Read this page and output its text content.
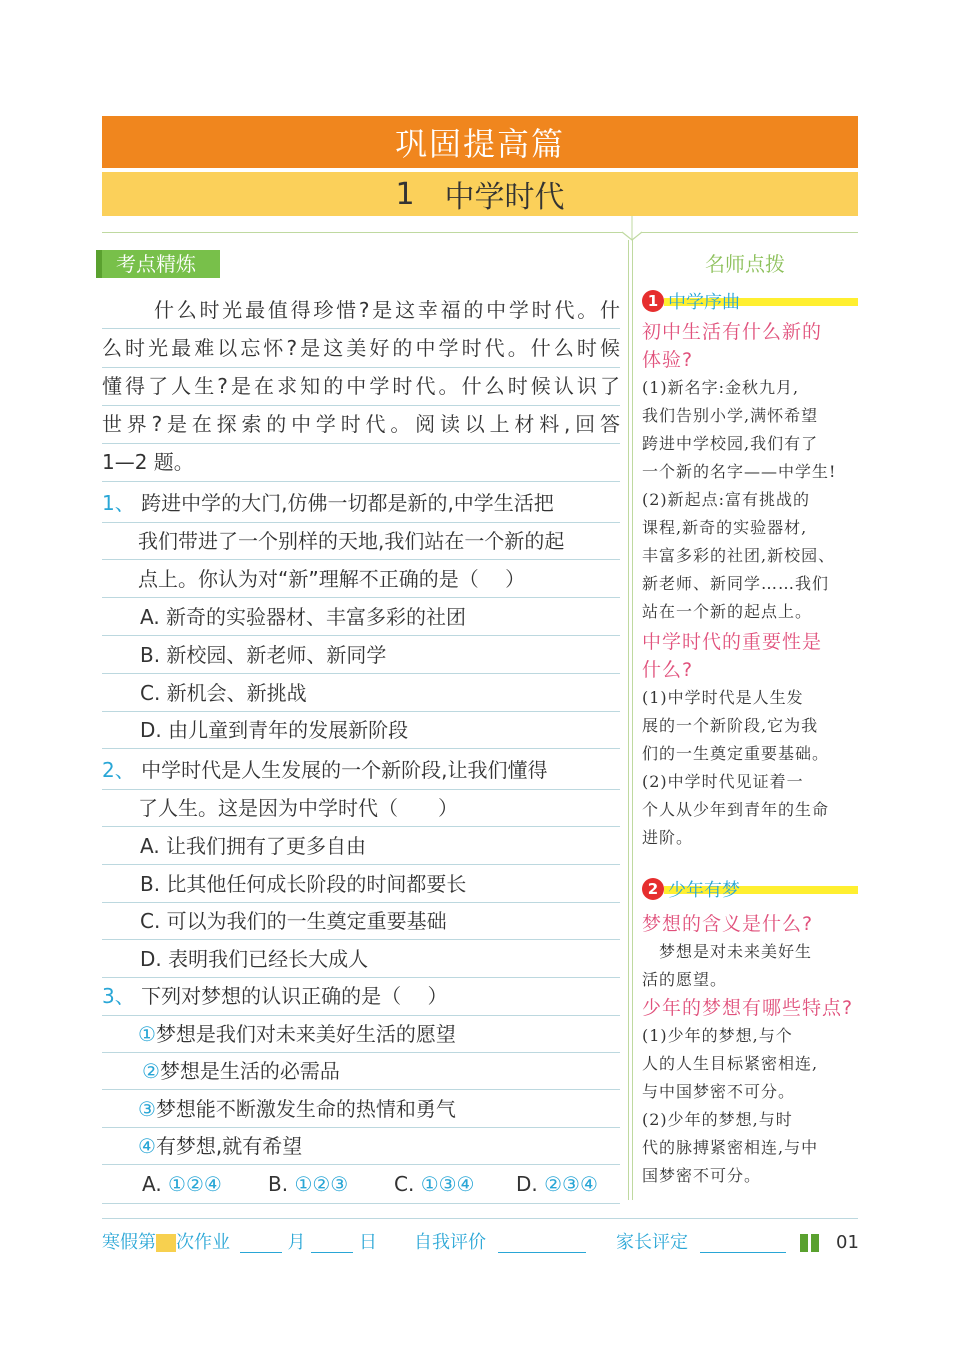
巩固提高篇
1 中学时代
考点精炼
什么时光最值得珍惜?是这幸福的中学时代。什
么时光最难以忘怀?是这美好的中学时代。什么时候
懂得了人生?是在求知的中学时代。什么时候认识了
世界?是在探索的中学时代。阅读以上材料,回答
1—2 题。
1、 跨进中学的大门,仿佛一切都是新的,中学生活把
我们带进了一个别样的天地,我们站在一个新的起
点上。你认为对“新”理解不正确的是（　 ）
A. 新奇的实验器材、丰富多彩的社团
B. 新校园、新老师、新同学
C. 新机会、新挑战
D. 由儿童到青年的发展新阶段
2、 中学时代是人生发展的一个新阶段,让我们懂得
了人生。这是因为中学时代（　　）
A. 让我们拥有了更多自由
B. 比其他任何成长阶段的时间都要长
C. 可以为我们的一生奠定重要基础
D. 表明我们已经长大成人
3、 下列对梦想的认识正确的是（　 ）
①梦想是我们对未来美好生活的愿望
②梦想是生活的必需品
③梦想能不断激发生命的热情和勇气
④有梦想,就有希望
A. ①②④ B. ①②③ C. ①③④ D. ②③④
名师点拨
1 中学序曲
初中生活有什么新的
体验?
(1)新名字:金秋九月,
我们告别小学,满怀希望
跨进中学校园,我们有了
一个新的名字——中学生!
(2)新起点:富有挑战的
课程,新奇的实验器材,
丰富多彩的社团,新校园、
新老师、新同学……我们
站在一个新的起点上。
中学时代的重要性是
什么?
(1)中学时代是人生发
展的一个新阶段,它为我
们的一生奠定重要基础。
(2)中学时代见证着一
个人从少年到青年的生命
进阶。
2 少年有梦
梦想的含义是什么?
　梦想是对未来美好生
活的愿望。
少年的梦想有哪些特点?
(1)少年的梦想,与个
人的人生目标紧密相连,
与中国梦密不可分。
(2)少年的梦想,与时
代的脉搏紧密相连,与中
国梦密不可分。
寒假第 次作业	月	日 自我评价	家长评定	01
